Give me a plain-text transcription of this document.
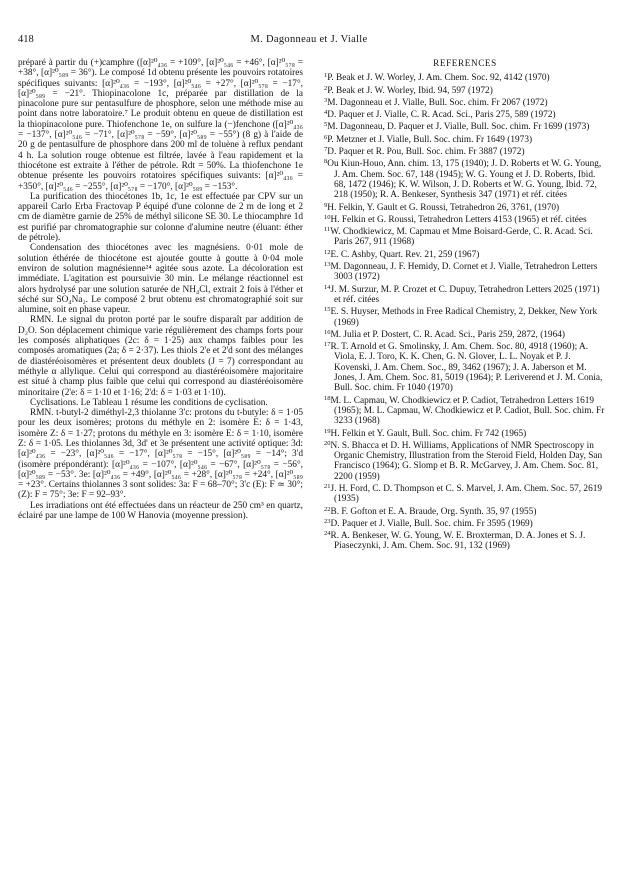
418	M. Dagonneau et J. Vialle

préparé à partir du (+)camphre ([α]²⁰₄₃₆ = +109°, [α]²⁰₅₄₆ = +46°, [α]²⁰₅₇₈ = +38°, [α]²⁰₅₈₉ = 36°). Le composé 1d obtenu présente les pouvoirs rotatoires spécifiques suivants: [α]²⁰₄₃₆ = −193°, [α]²⁰₅₄₆ = +27°, [α]²⁰₅₇₈ = −17°, [α]²⁰₅₈₉ = −21°. Thiopinacolone 1c, préparée par distillation de la pinacolone pure sur pentasulfure de phosphore, selon une méthode mise au point dans notre laboratoire.⁷ Le produit obtenu en queue de distillation est la thiopinacolone pure. Thiofenchone 1e, on sulfure la (−)fenchone ([α]²⁰₄₃₆ = −137°, [α]²⁰₅₄₆ = −71°, [α]²⁰₅₇₈ = −59°, [α]²⁰₅₈₉ = −55°) (8 g) à l'aide de 20 g de pentasulfure de phosphore dans 200 ml de toluène à reflux pendant 4 h. La solution rouge obtenue est filtrée, lavée à l'eau rapidement et la thiocétone est extraite à l'éther de pétrole. Rdt = 50%. La thiofenchone 1e obtenue présente les pouvoirs rotatoires spécifiques suivants: [α]²⁰₄₃₆ = +350°, [α]²⁰₅₄₆ = −255°, [α]²⁰₅₇₈ = −170°, [α]²⁰₅₈₉ = −153°.

La purification des thiocétones 1b, 1c, 1e est effectuée par CPV sur un appareil Carlo Erba Fractovap P équipé d'une colonne de 2 m de long et 2 cm de diamètre garnie de 25% de méthyl silicone SE 30. Le thiocamphre 1d est purifié par chromatographie sur colonne d'alumine neutre (éluant: éther de pétrole).

Condensation des thiocétones avec les magnésiens. 0·01 mole de solution éthérée de thiocétone est ajoutée goutte à goutte à 0·04 mole environ de solution magnésienne²⁴ agitée sous azote. La décoloration est immédiate. L'agitation est poursuivie 30 min. Le mélange réactionnel est alors hydrolysé par une solution saturée de NH₄Cl, extrait 2 fois à l'éther et séché sur SO₄Na₂. Le composé 2 brut obtenu est chromatographié soit sur alumine, soit en phase vapeur.

RMN. Le signal du proton porté par le soufre disparaît par addition de D₂O. Son déplacement chimique varie régulièrement des champs forts pour les composés aliphatiques (2c: δ = 1·25) aux champs faibles pour les composés aromatiques (2a; δ = 2·37). Les thiols 2'e et 2'd sont des mélanges de diastéréoisomères et présentent deux doublets (J = 7) correspondant au méthyle α allylique. Celui qui correspond au diastéréoisomère majoritaire est situé à champ plus faible que celui qui correspond au diastéréoisomère minoritaire (2'e: δ = 1·10 et 1·16; 2'd: δ = 1·03 et 1·10).

Cyclisations. Le Tableau 1 résume les conditions de cyclisation.

RMN. t-butyl-2 diméthyl-2,3 thiolanne 3'c: protons du t-butyle: δ = 1·05 pour les deux isomères; protons du méthyle en 2: isomère E: δ = 1·43, isomère Z: δ = 1·27; protons du méthyle en 3: isomère E: δ = 1·10, isomère Z: δ = 1·05. Les thiolannes 3d, 3d' et 3e présentent une activité optique: 3d: [α]²⁰₄₃₆ = −23°, [α]²⁰₅₄₆ = −17°, [α]²⁰₅₇₈ = −15°, [α]²⁰₅₈₉ = −14°; 3'd (isomère prépondérant): [α]²⁰₄₃₆ = −107°, [α]²⁰₅₄₆ = −67°, [α]²⁰₅₇₈ = −56°, [α]²⁰₅₈₉ = −53°. 3e: [α]²⁰₄₃₆ = +49°, [α]²⁰₅₄₆ = +28°, [α]²⁰₅₇₈ = +24°, [α]²⁰₅₈₉ = +23°. Certains thiolannes 3 sont solides: 3a: F = 68–70°; 3'c (E): F ≃ 30°; (Z): F = 75°; 3e: F = 92–93°.

Les irradiations ont été effectuées dans un réacteur de 250 cm³ en quartz, éclairé par une lampe de 100 W Hanovia (moyenne pression).

REFERENCES

$^1$P. Beak et J. W. Worley, J. Am. Chem. Soc. 92, 4142 (1970)

$^2$P. Beak et J. W. Worley, Ibid. 94, 597 (1972)

$^3$M. Dagonneau et J. Vialle, Bull. Soc. chim. Fr 2067 (1972)

$^4$D. Paquer et J. Vialle, C. R. Acad. Sci., Paris 275, 589 (1972)

$^5$M. Dagonneau, D. Paquer et J. Vialle, Bull. Soc. chim. Fr 1699 (1973)

$^6$P. Metzner et J. Vialle, Bull. Soc. chim. Fr 1649 (1973)

$^7$D. Paquer et R. Pou, Bull. Soc. chim. Fr 3887 (1972)

$^8$Ou Kiun-Houo, Ann. chim. 13, 175 (1940); J. D. Roberts et W. G. Young, J. Am. Chem. Soc. 67, 148 (1945); W. G. Young et J. D. Roberts, Ibid. 68, 1472 (1946); K. W. Wilson, J. D. Roberts et W. G. Young, Ibid. 72, 218 (1950); R. A. Benkeser, Synthesis 347 (1971) et réf. citées

$^9$H. Felkin, Y. Gault et G. Roussi, Tetrahedron 26, 3761, (1970)

$^{10}$H. Felkin et G. Roussi, Tetrahedron Letters 4153 (1965) et réf. citées

$^{11}$W. Chodkiewicz, M. Capmau et Mme Boisard-Gerde, C. R. Acad. Sci. Paris 267, 911 (1968)

$^{12}$E. C. Ashby, Quart. Rev. 21, 259 (1967)

$^{13}$M. Dagonneau, J. F. Hemidy, D. Cornet et J. Vialle, Tetrahedron Letters 3003 (1972)

$^{14}$J. M. Surzur, M. P. Crozet et C. Dupuy, Tetrahedron Letters 2025 (1971) et réf. citées

$^{15}$E. S. Huyser, Methods in Free Radical Chemistry, 2, Dekker, New York (1969)

$^{16}$M. Julia et P. Dostert, C. R. Acad. Sci., Paris 259, 2872, (1964)

$^{17}$R. T. Arnold et G. Smolinsky, J. Am. Chem. Soc. 80, 4918 (1960); A. Viola, E. J. Toro, K. K. Chen, G. N. Glover, L. L. Noyak et P. J. Kovenski, J. Am. Chem. Soc., 89, 3462 (1967); J. A. Jaberson et M. Jones, J. Am. Chem. Soc. 81, 5019 (1964); P. Leriverend et J. M. Conia, Bull. Soc. chim. Fr 1040 (1970)

$^{18}$M. L. Capmau, W. Chodkiewicz et P. Cadiot, Tetrahedron Letters 1619 (1965); M. L. Capmau, W. Chodkiewicz et P. Cadiot, Bull. Soc. chim. Fr 3233 (1968)

$^{19}$H. Felkin et Y. Gault, Bull. Soc. chim. Fr 742 (1965)

$^{20}$N. S. Bhacca et D. H. Williams, Applications of NMR Spectroscopy in Organic Chemistry, Illustration from the Steroid Field, Holden Day, San Francisco (1964); G. Slomp et B. R. McGarvey, J. Am. Chem. Soc. 81, 2200 (1959)

$^{21}$J. H. Ford, C. D. Thompson et C. S. Marvel, J. Am. Chem. Soc. 57, 2619 (1935)

$^{22}$B. F. Gofton et E. A. Braude, Org. Synth. 35, 97 (1955)

$^{23}$D. Paquer et J. Vialle, Bull. Soc. chim. Fr 3595 (1969)

$^{24}$R. A. Benkeser, W. G. Young, W. E. Broxterman, D. A. Jones et S. J. Piaseczynki, J. Am. Chem. Soc. 91, 132 (1969)
